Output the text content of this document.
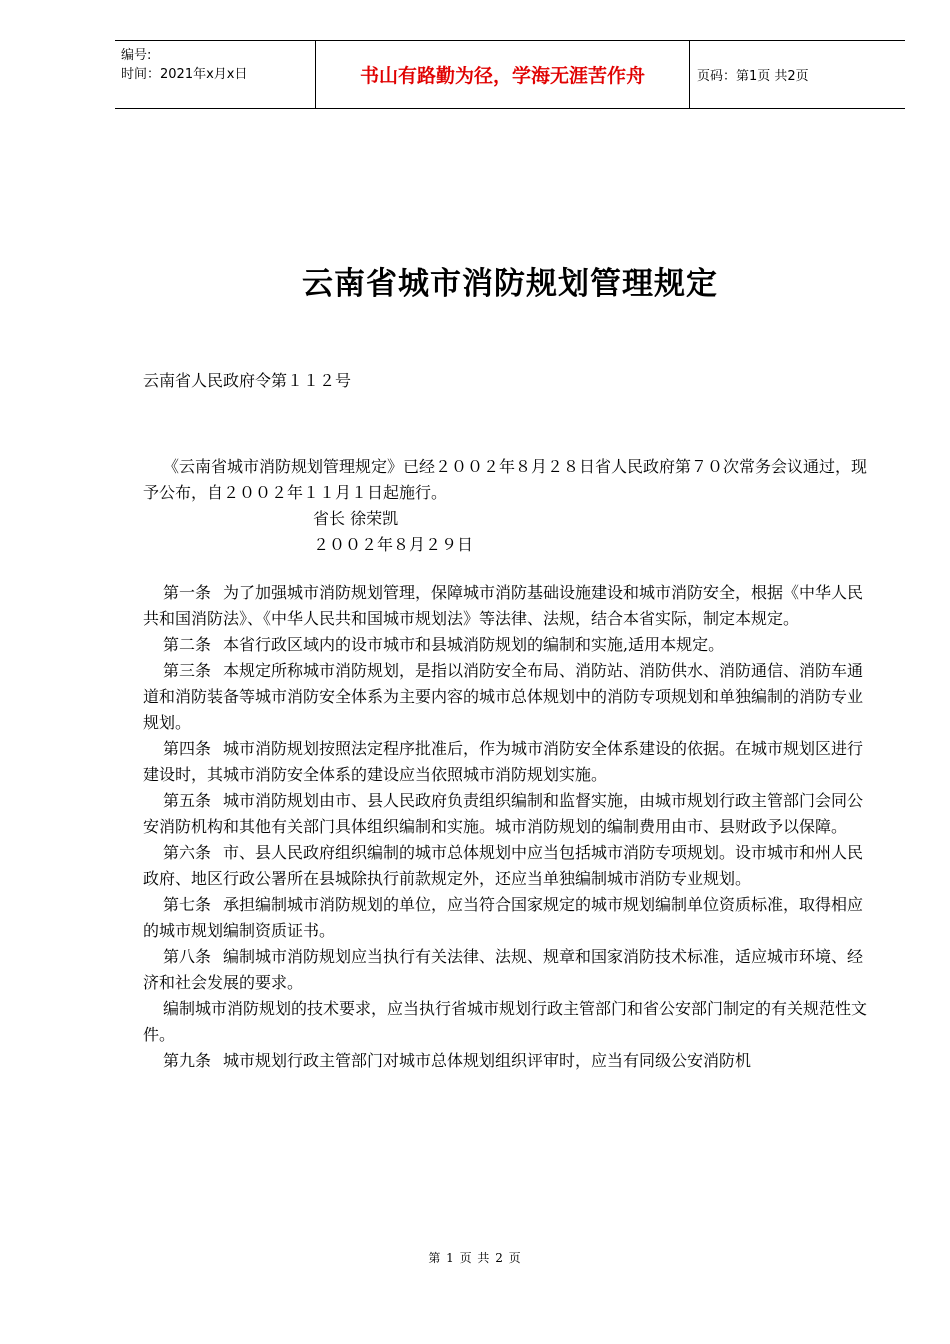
编号:
时间：2021年x月x日	书山有路勤为径，学海无涯苦作舟	页码：第1页 共2页
云南省城市消防规划管理规定
云南省人民政府令第１１２号

《云南省城市消防规划管理规定》已经２００２年８月２８日省人民政府第７０次常务会议通过，现予公布，自２００２年１１月１日起施行。

省长 徐荣凯

２００２年８月２９日

第一条 为了加强城市消防规划管理，保障城市消防基础设施建设和城市消防安全，根据《中华人民共和国消防法》、《中华人民共和国城市规划法》等法律、法规，结合本省实际，制定本规定。

第二条 本省行政区域内的设市城市和县城消防规划的编制和实施,适用本规定。

第三条 本规定所称城市消防规划，是指以消防安全布局、消防站、消防供水、消防通信、消防车通道和消防装备等城市消防安全体系为主要内容的城市总体规划中的消防专项规划和单独编制的消防专业规划。

第四条 城市消防规划按照法定程序批准后，作为城市消防安全体系建设的依据。在城市规划区进行建设时，其城市消防安全体系的建设应当依照城市消防规划实施。

第五条 城市消防规划由市、县人民政府负责组织编制和监督实施，由城市规划行政主管部门会同公安消防机构和其他有关部门具体组织编制和实施。城市消防规划的编制费用由市、县财政予以保障。

第六条 市、县人民政府组织编制的城市总体规划中应当包括城市消防专项规划。设市城市和州人民政府、地区行政公署所在县城除执行前款规定外，还应当单独编制城市消防专业规划。

第七条 承担编制城市消防规划的单位，应当符合国家规定的城市规划编制单位资质标准，取得相应的城市规划编制资质证书。

第八条 编制城市消防规划应当执行有关法律、法规、规章和国家消防技术标准，适应城市环境、经济和社会发展的要求。

编制城市消防规划的技术要求，应当执行省城市规划行政主管部门和省公安部门制定的有关规范性文件。

第九条 城市规划行政主管部门对城市总体规划组织评审时，应当有同级公安消防机

第 1 页 共 2 页
